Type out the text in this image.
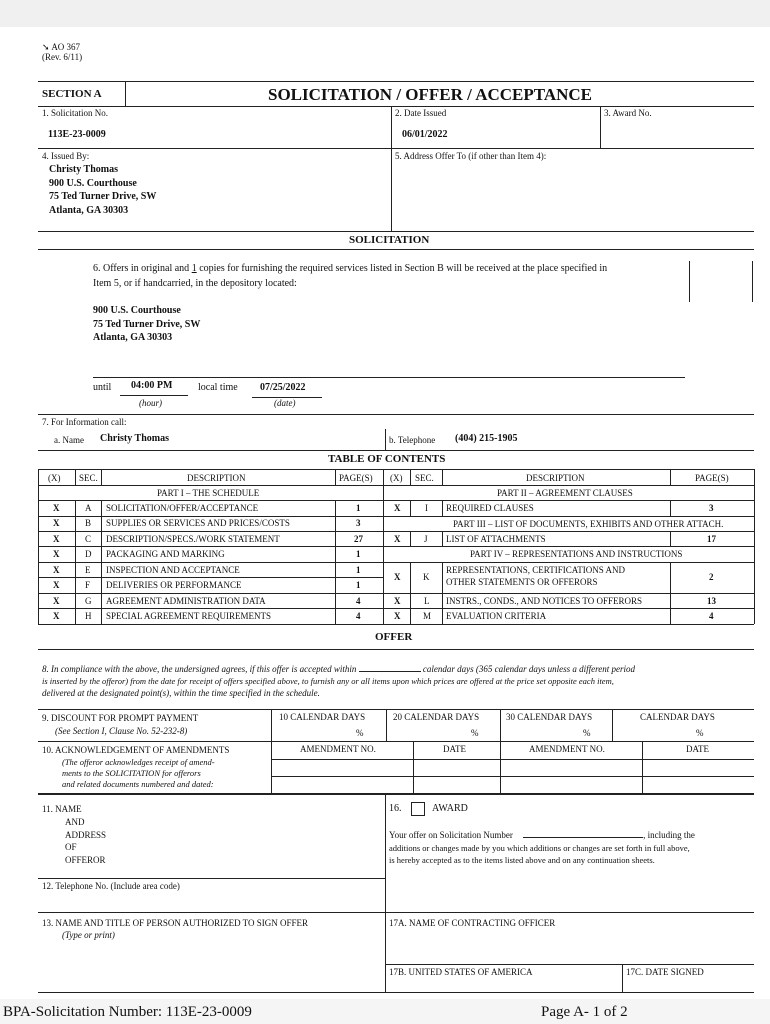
➘ AO 367
(Rev. 6/11)
SECTION A	SOLICITATION / OFFER / ACCEPTANCE
1. Solicitation No.
113E-23-0009
2. Date Issued
06/01/2022
3. Award No.
4. Issued By:
Christy Thomas
900 U.S. Courthouse
75 Ted Turner Drive, SW
Atlanta, GA 30303
5. Address Offer To (if other than Item 4):
SOLICITATION
6. Offers in original and 1 copies for furnishing the required services listed in Section B will be received at the place specified in
Item 5, or if handcarried, in the depository located:
900 U.S. Courthouse
75 Ted Turner Drive, SW
Atlanta, GA 30303
until 04:00 PM	local time 07/25/2022
(hour)	(date)
7. For Information call:
a. Name Christy Thomas	b. Telephone (404) 215-1905
TABLE OF CONTENTS
(X) SEC.	DESCRIPTION	PAGE(S) (X) SEC.	DESCRIPTION	PAGE(S)
PART I – THE SCHEDULE	PART II – AGREEMENT CLAUSES
PART III – LIST OF DOCUMENTS, EXHIBITS AND OTHER ATTACH.
PART IV – REPRESENTATIONS AND INSTRUCTIONS
X	A SOLICITATION/OFFER/ACCEPTANCE	1
X	B SUPPLIES OR SERVICES AND PRICES/COSTS	3
X	C DESCRIPTION/SPECS./WORK STATEMENT	27
X	D PACKAGING AND MARKING	1
X	E INSPECTION AND ACCEPTANCE	1
X	F DELIVERIES OR PERFORMANCE	1
X	G AGREEMENT ADMINISTRATION DATA	4
X	H SPECIAL AGREEMENT REQUIREMENTS	4
X	I REQUIRED CLAUSES	3
X	J LIST OF ATTACHMENTS	17
X	K
REPRESENTATIONS, CERTIFICATIONS AND
OTHER STATEMENTS OR OFFERORS	2
X	L INSTRS., CONDS., AND NOTICES TO OFFERORS	13
X	M EVALUATION CRITERIA	4
OFFER
8. In compliance with the above, the undersigned agrees, if this offer is accepted within	calendar days (365 calendar days unless a different period
is inserted by the offeror) from the date for receipt of offers specified above, to furnish any or all items upon which prices are offered at the price set opposite each item,
delivered at the designated point(s), within the time specified in the schedule.
9. DISCOUNT FOR PROMPT PAYMENT
(See Section I, Clause No. 52-232-8)
10 CALENDAR DAYS	20 CALENDAR DAYS	30 CALENDAR DAYS	CALENDAR DAYS
%	%	%	%
10. ACKNOWLEDGEMENT OF AMENDMENTS
(The offeror acknowledges receipt of amend-
ments to the SOLICITATION for offerors
and related documents numbered and dated:
AMENDMENT NO.	DATE	AMENDMENT NO.	DATE
11. NAME
AND
ADDRESS
OF
OFFEROR
16.	AWARD
Your offer on Solicitation Number	, including the
additions or changes made by you which additions or changes are set forth in full above,
is hereby accepted as to the items listed above and on any continuation sheets.
12. Telephone No. (Include area code)
13. NAME AND TITLE OF PERSON AUTHORIZED TO SIGN OFFER
(Type or print)
17A. NAME OF CONTRACTING OFFICER
17B. UNITED STATES OF AMERICA	17C. DATE SIGNED
BPA-Solicitation Number: 113E-23-0009	Page A- 1 of 2
